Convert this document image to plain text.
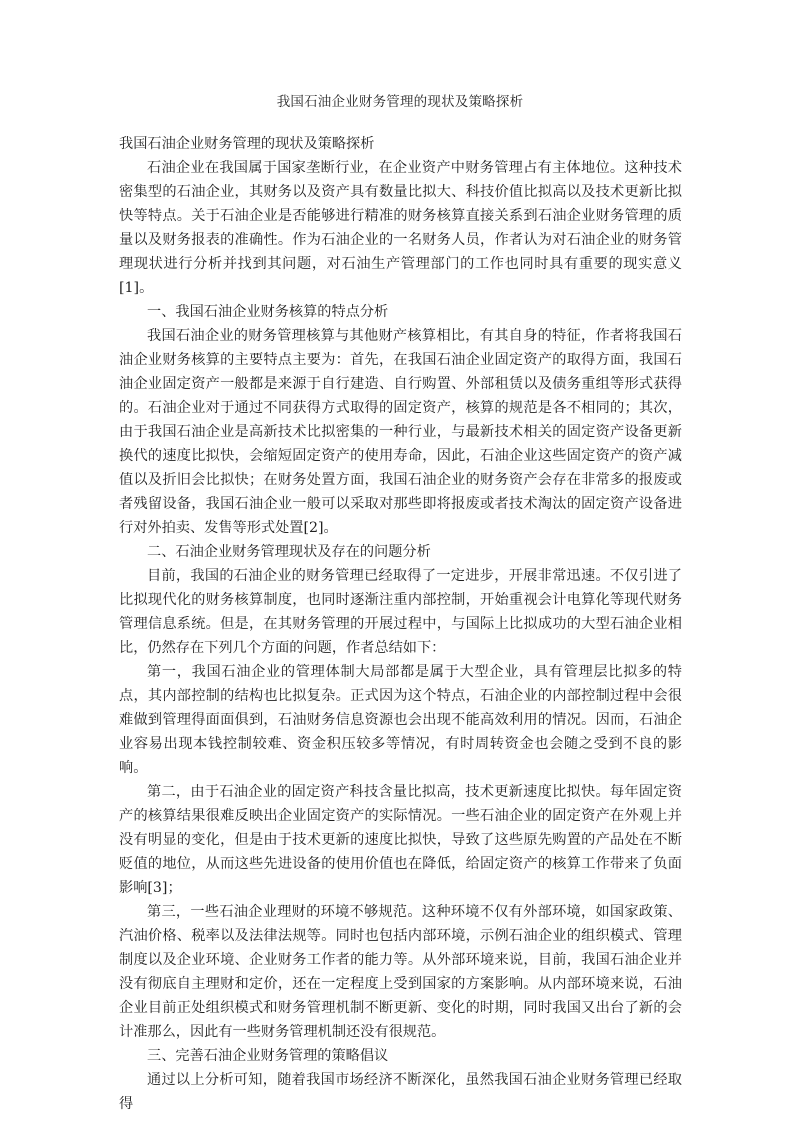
我国石油企业财务管理的现状及策略探析

我国石油企业财务管理的现状及策略探析

石油企业在我国属于国家垄断行业，在企业资产中财务管理占有主体地位。这种技术密集型的石油企业，其财务以及资产具有数量比拟大、科技价值比拟高以及技术更新比拟快等特点。关于石油企业是否能够进行精准的财务核算直接关系到石油企业财务管理的质量以及财务报表的准确性。作为石油企业的一名财务人员，作者认为对石油企业的财务管理现状进行分析并找到其问题，对石油生产管理部门的工作也同时具有重要的现实意义[1]。

一、我国石油企业财务核算的特点分析

我国石油企业的财务管理核算与其他财产核算相比，有其自身的特征，作者将我国石油企业财务核算的主要特点主要为：首先，在我国石油企业固定资产的取得方面，我国石油企业固定资产一般都是来源于自行建造、自行购置、外部租赁以及债务重组等形式获得的。石油企业对于通过不同获得方式取得的固定资产，核算的规范是各不相同的；其次，由于我国石油企业是高新技术比拟密集的一种行业，与最新技术相关的固定资产设备更新换代的速度比拟快，会缩短固定资产的使用寿命，因此，石油企业这些固定资产的资产减值以及折旧会比拟快；在财务处置方面，我国石油企业的财务资产会存在非常多的报废或者残留设备，我国石油企业一般可以采取对那些即将报废或者技术淘汰的固定资产设备进行对外拍卖、发售等形式处置[2]。

二、石油企业财务管理现状及存在的问题分析

目前，我国的石油企业的财务管理已经取得了一定进步，开展非常迅速。不仅引进了比拟现代化的财务核算制度，也同时逐渐注重内部控制，开始重视会计电算化等现代财务管理信息系统。但是，在其财务管理的开展过程中，与国际上比拟成功的大型石油企业相比，仍然存在下列几个方面的问题，作者总结如下：

第一，我国石油企业的管理体制大局部都是属于大型企业，具有管理层比拟多的特点，其内部控制的结构也比拟复杂。正式因为这个特点，石油企业的内部控制过程中会很难做到管理得面面俱到，石油财务信息资源也会出现不能高效利用的情况。因而，石油企业容易出现本钱控制较难、资金积压较多等情况，有时周转资金也会随之受到不良的影响。

第二，由于石油企业的固定资产科技含量比拟高，技术更新速度比拟快。每年固定资产的核算结果很难反映出企业固定资产的实际情况。一些石油企业的固定资产在外观上并没有明显的变化，但是由于技术更新的速度比拟快，导致了这些原先购置的产品处在不断贬值的地位，从而这些先进设备的使用价值也在降低，给固定资产的核算工作带来了负面影响[3]；

第三，一些石油企业理财的环境不够规范。这种环境不仅有外部环境，如国家政策、汽油价格、税率以及法律法规等。同时也包括内部环境，示例石油企业的组织模式、管理制度以及企业环境、企业财务工作者的能力等。从外部环境来说，目前，我国石油企业并没有彻底自主理财和定价，还在一定程度上受到国家的方案影响。从内部环境来说，石油企业目前正处组织模式和财务管理机制不断更新、变化的时期，同时我国又出台了新的会计准那么，因此有一些财务管理机制还没有很规范。

三、完善石油企业财务管理的策略倡议

通过以上分析可知，随着我国市场经济不断深化，虽然我国石油企业财务管理已经取得
